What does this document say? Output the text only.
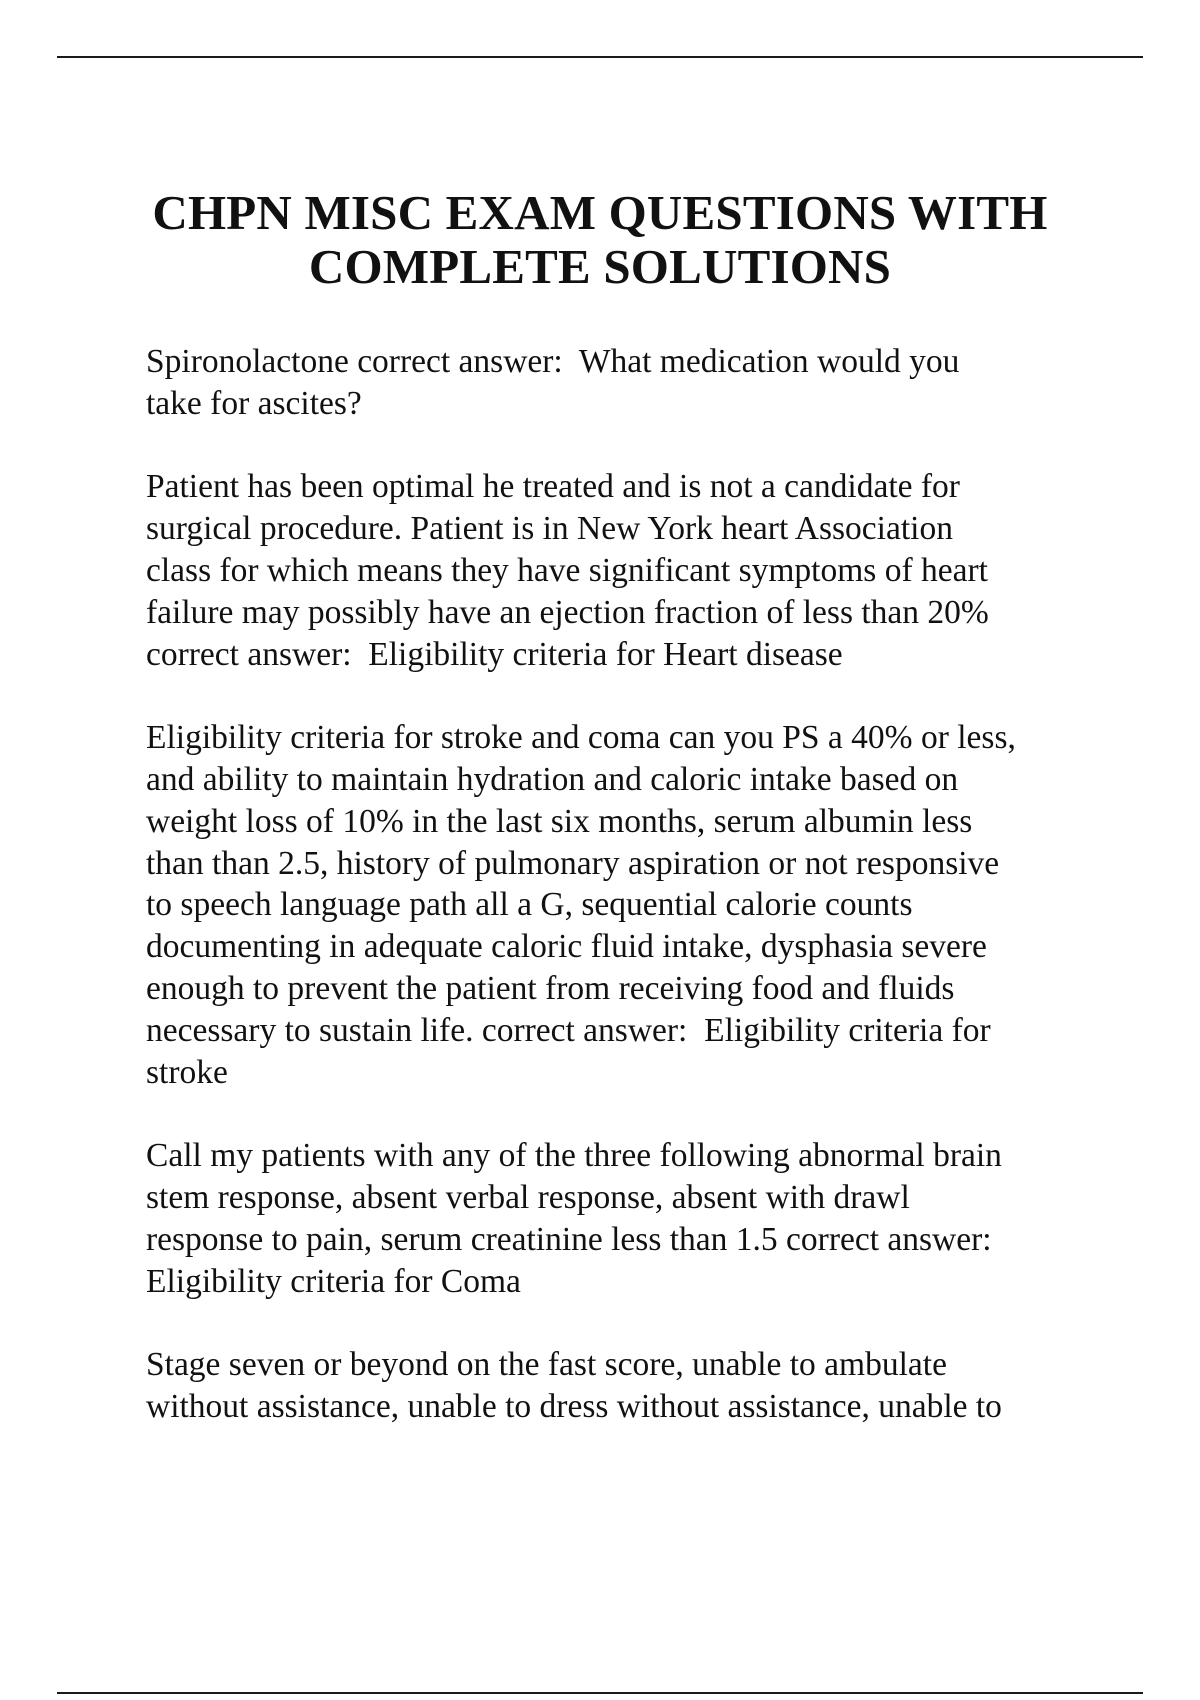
CHPN MISC EXAM QUESTIONS WITH
COMPLETE SOLUTIONS

Spironolactone correct answer:  What medication would you
take for ascites?

Patient has been optimal he treated and is not a candidate for
surgical procedure. Patient is in New York heart Association
class for which means they have significant symptoms of heart
failure may possibly have an ejection fraction of less than 20%
correct answer:  Eligibility criteria for Heart disease

Eligibility criteria for stroke and coma can you PS a 40% or less,
and ability to maintain hydration and caloric intake based on
weight loss of 10% in the last six months, serum albumin less
than than 2.5, history of pulmonary aspiration or not responsive
to speech language path all a G, sequential calorie counts
documenting in adequate caloric fluid intake, dysphasia severe
enough to prevent the patient from receiving food and fluids
necessary to sustain life. correct answer:  Eligibility criteria for
stroke

Call my patients with any of the three following abnormal brain
stem response, absent verbal response, absent with drawl
response to pain, serum creatinine less than 1.5 correct answer:
Eligibility criteria for Coma

Stage seven or beyond on the fast score, unable to ambulate
without assistance, unable to dress without assistance, unable to
